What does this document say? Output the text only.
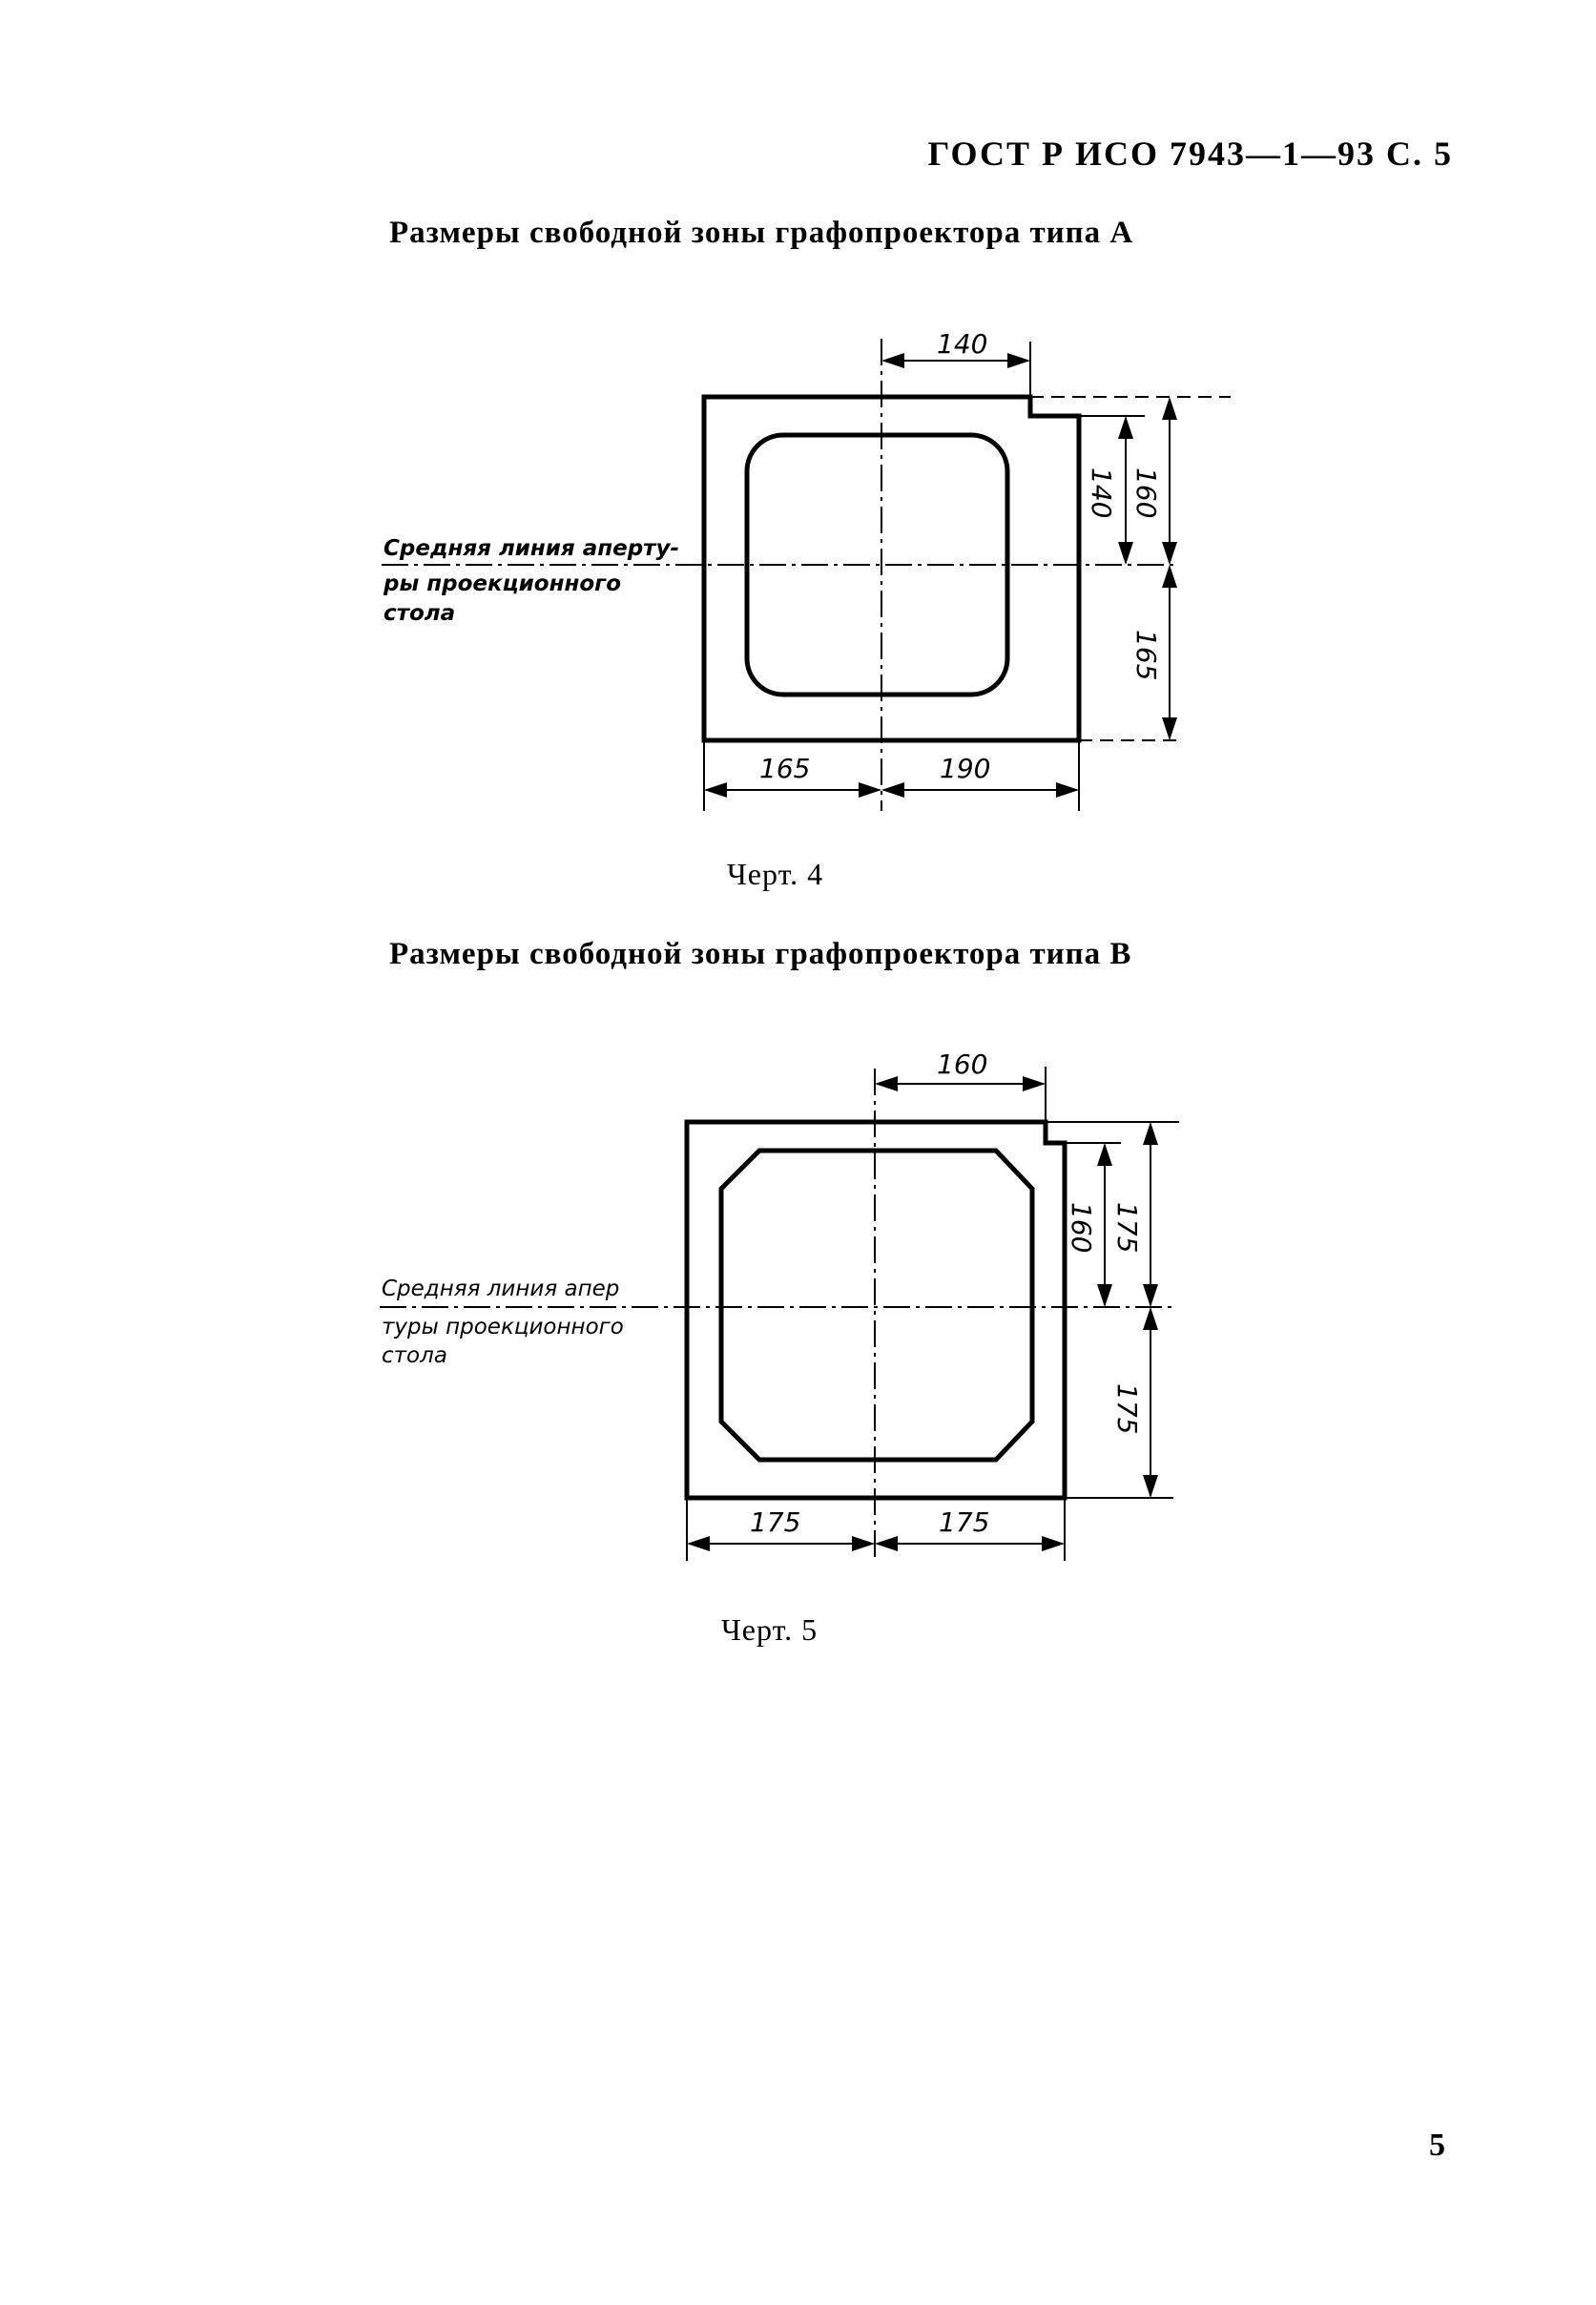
ГОСТ Р ИСО 7943—1—93 С. 5
Размеры свободной зоны графопроектора типа А
140
140 160
165
165	190
Средняя линия аперту-
ры проекционного
стола
Черт. 4
Размеры свободной зоны графопроектора типа В
160
160 175
175
175	175
Средняя линия апер
туры проекционного
стола
Черт. 5
5
